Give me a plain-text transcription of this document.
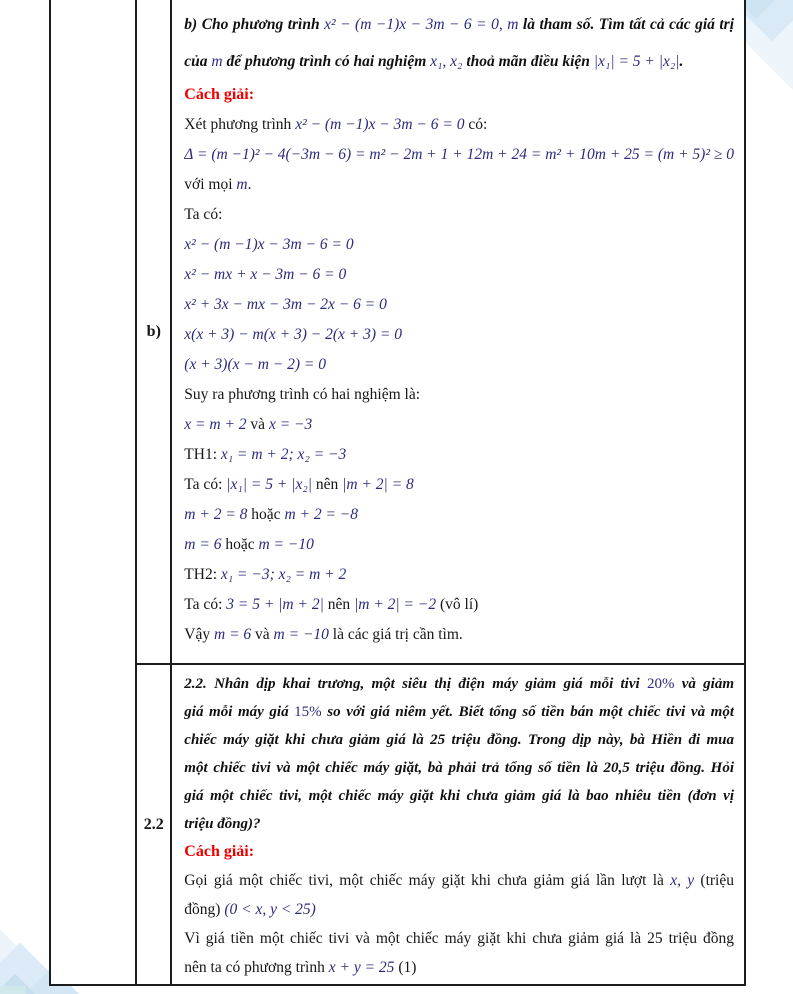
b)
b) Cho phương trình x² − (m −1)x − 3m − 6 = 0, m là tham số. Tìm tất cả các giá trị
của m để phương trình có hai nghiệm x₁, x₂ thoả mãn điều kiện |x₁| = 5 + |x₂|.
Cách giải:
Xét phương trình x² − (m −1)x − 3m − 6 = 0 có:
Δ = (m −1)² − 4(−3m − 6) = m² − 2m + 1 + 12m + 24 = m² + 10m + 25 = (m + 5)² ≥ 0
với mọi m.
Ta có:
x² − (m −1)x − 3m − 6 = 0
x² − mx + x − 3m − 6 = 0
x² + 3x − mx − 3m − 2x − 6 = 0
x(x + 3) − m(x + 3) − 2(x + 3) = 0
(x + 3)(x − m − 2) = 0
Suy ra phương trình có hai nghiệm là:
x = m + 2 và x = −3
TH1: x₁ = m + 2; x₂ = −3
Ta có: |x₁| = 5 + |x₂| nên |m + 2| = 8
m + 2 = 8 hoặc m + 2 = −8
m = 6 hoặc m = −10
TH2: x₁ = −3; x₂ = m + 2
Ta có: 3 = 5 + |m + 2| nên |m + 2| = −2 (vô lí)
Vậy m = 6 và m = −10 là các giá trị cần tìm.
2.2
2.2. Nhân dịp khai trương, một siêu thị điện máy giảm giá mỗi tivi 20% và giảm
giá mỗi máy giá 15% so với giá niêm yết. Biết tổng số tiền bán một chiếc tivi và một
chiếc máy giặt khi chưa giảm giá là 25 triệu đồng. Trong dịp này, bà Hiền đi mua
một chiếc tivi và một chiếc máy giặt, bà phải trả tổng số tiền là 20,5 triệu đồng. Hỏi
giá một chiếc tivi, một chiếc máy giặt khi chưa giảm giá là bao nhiêu tiền (đơn vị
triệu đồng)?
Cách giải:
Gọi giá một chiếc tivi, một chiếc máy giặt khi chưa giảm giá lần lượt là x, y (triệu
đồng) (0 < x, y < 25)
Vì giá tiền một chiếc tivi và một chiếc máy giặt khi chưa giảm giá là 25 triệu đồng
nên ta có phương trình x + y = 25 (1)
